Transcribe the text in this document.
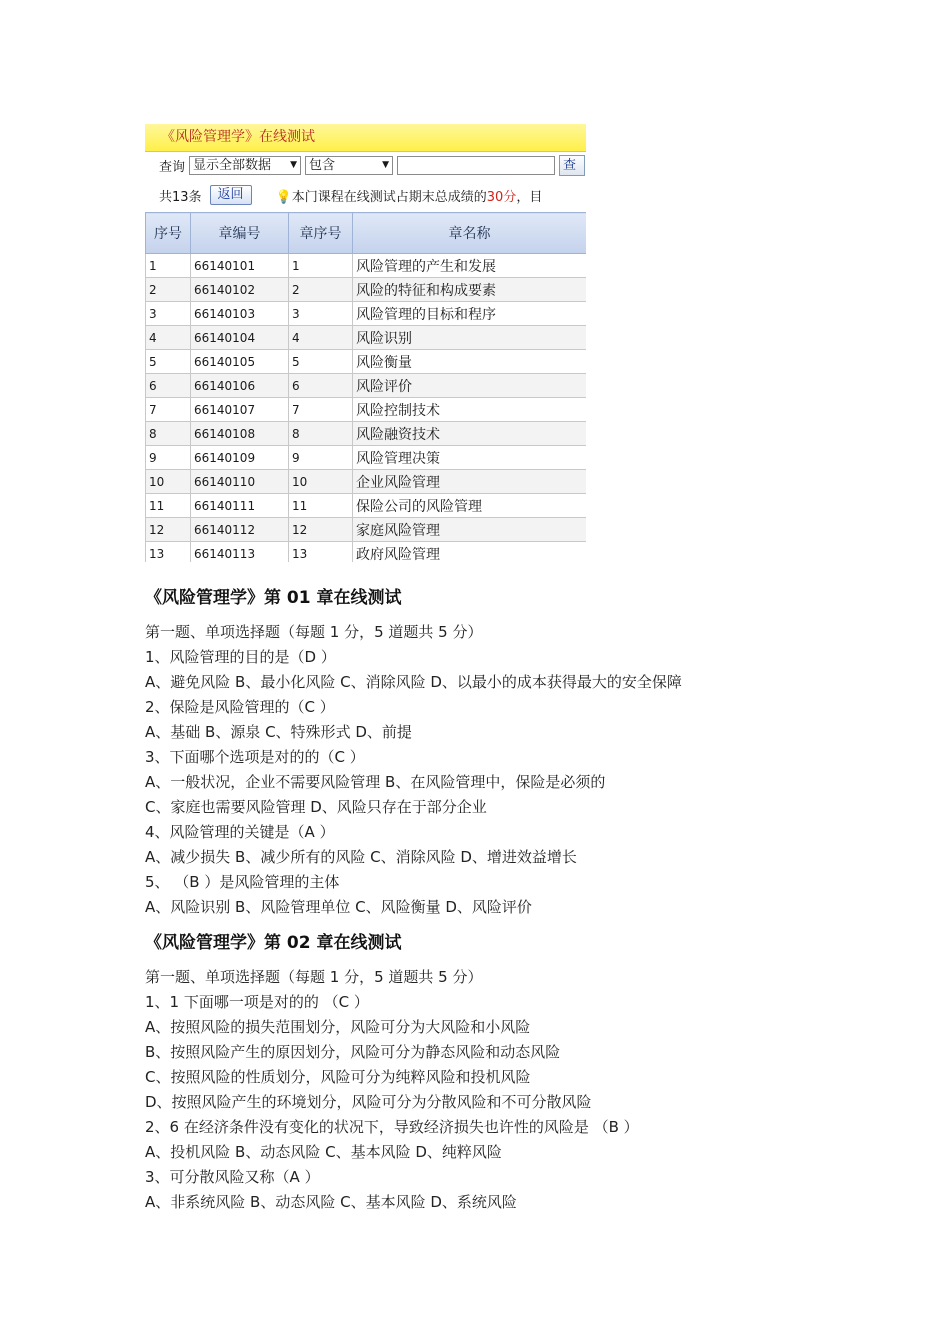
《风险管理学》在线测试
查询 显示全部数据 ▼ 包含	▼	查
共13条	返回	💡本门课程在线测试占期末总成绩的30分，目
序号	章编号	章序号	章名称
1	66140101	1	风险管理的产生和发展
2	66140102	2	风险的特征和构成要素
3	66140103	3	风险管理的目标和程序
4	66140104	4	风险识别
5	66140105	5	风险衡量
6	66140106	6	风险评价
7	66140107	7	风险控制技术
8	66140108	8	风险融资技术
9	66140109	9	风险管理决策
10	66140110	10	企业风险管理
11	66140111	11	保险公司的风险管理
12	66140112	12	家庭风险管理
13	66140113	13	政府风险管理
《风险管理学》第 01 章在线测试

第一题、单项选择题（每题 1 分，5 道题共 5 分）

1、风险管理的目的是（D ）

A、避免风险 B、最小化风险 C、消除风险 D、以最小的成本获得最大的安全保障

2、保险是风险管理的（C ）

A、基础 B、源泉 C、特殊形式 D、前提

3、下面哪个选项是对的的（C ）

A、一般状况，企业不需要风险管理 B、在风险管理中，保险是必须的

C、家庭也需要风险管理 D、风险只存在于部分企业

4、风险管理的关键是（A ）

A、减少损失 B、减少所有的风险 C、消除风险 D、增进效益增长

5、 （B ）是风险管理的主体

A、风险识别 B、风险管理单位 C、风险衡量 D、风险评价

《风险管理学》第 02 章在线测试

第一题、单项选择题（每题 1 分，5 道题共 5 分）

1、1 下面哪一项是对的的 （C ）

A、按照风险的损失范围划分，风险可分为大风险和小风险

B、按照风险产生的原因划分，风险可分为静态风险和动态风险

C、按照风险的性质划分，风险可分为纯粹风险和投机风险

D、按照风险产生的环境划分，风险可分为分散风险和不可分散风险

2、6 在经济条件没有变化的状况下，导致经济损失也许性的风险是 （B ）

A、投机风险 B、动态风险 C、基本风险 D、纯粹风险

3、可分散风险又称（A ）

A、非系统风险 B、动态风险 C、基本风险 D、系统风险
